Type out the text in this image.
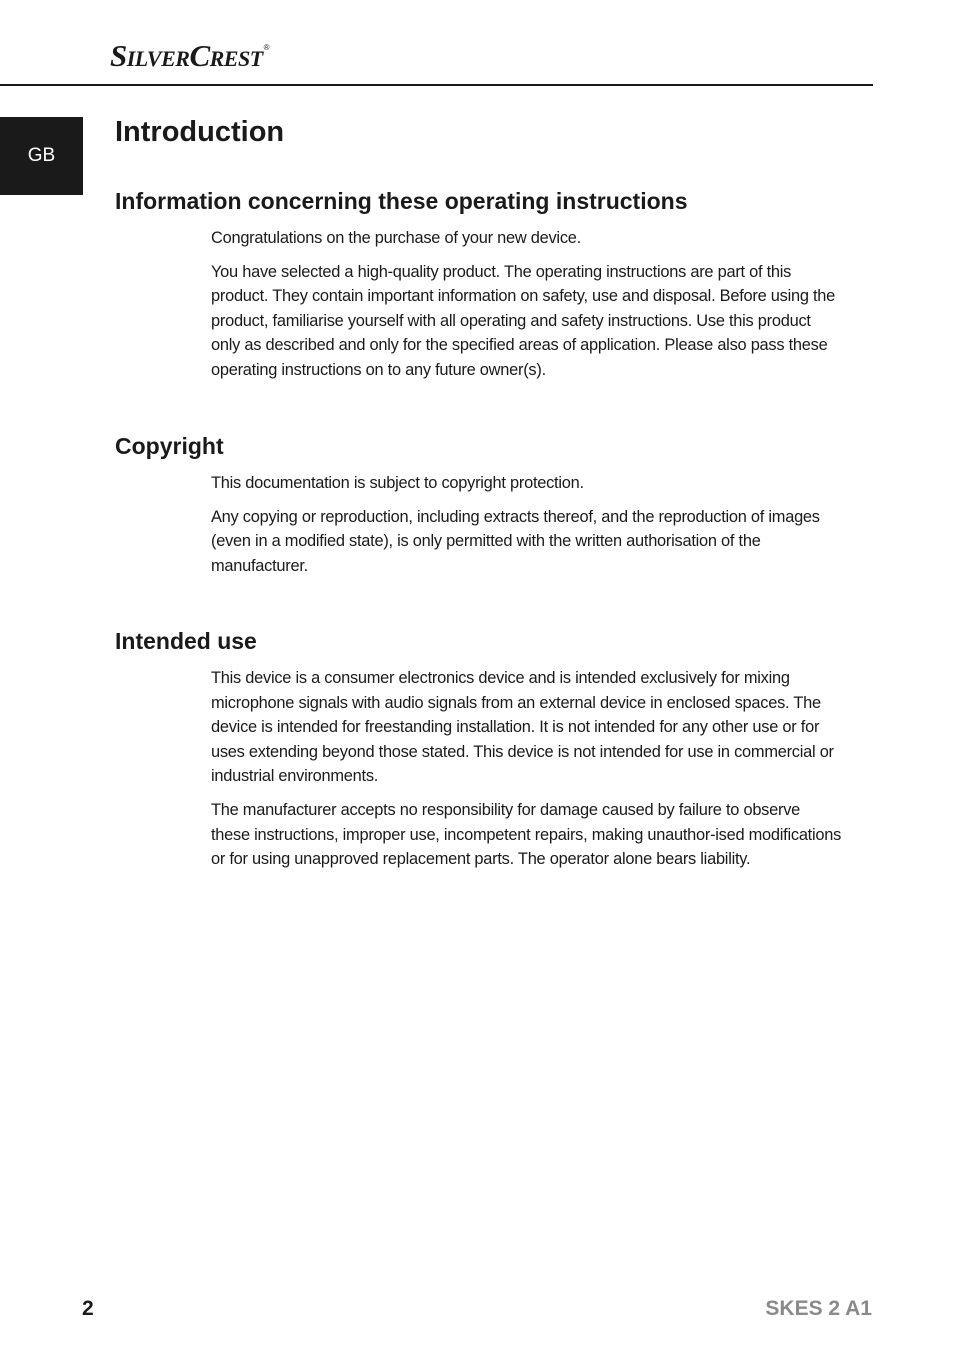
SilverCrest ®
GB
Introduction
Information concerning these operating instructions

Congratulations on the purchase of your new device.

You have selected a high-quality product. The operating instructions are part of this product. They contain important information on safety, use and disposal. Before using the product, familiarise yourself with all operating and safety instructions. Use this product only as described and only for the specified areas of application. Please also pass these operating instructions on to any future owner(s).

Copyright

This documentation is subject to copyright protection.

Any copying or reproduction, including extracts thereof, and the reproduction of images (even in a modified state), is only permitted with the written authorisation of the manufacturer.

Intended use

This device is a consumer electronics device and is intended exclusively for mixing microphone signals with audio signals from an external device in enclosed spaces. The device is intended for freestanding installation. It is not intended for any other use or for uses extending beyond those stated. This device is not intended for use in commercial or industrial environments.

The manufacturer accepts no responsibility for damage caused by failure to observe these instructions, improper use, incompetent repairs, making unauthor-ised modifications or for using unapproved replacement parts. The operator alone bears liability.

2	SKES 2 A1
